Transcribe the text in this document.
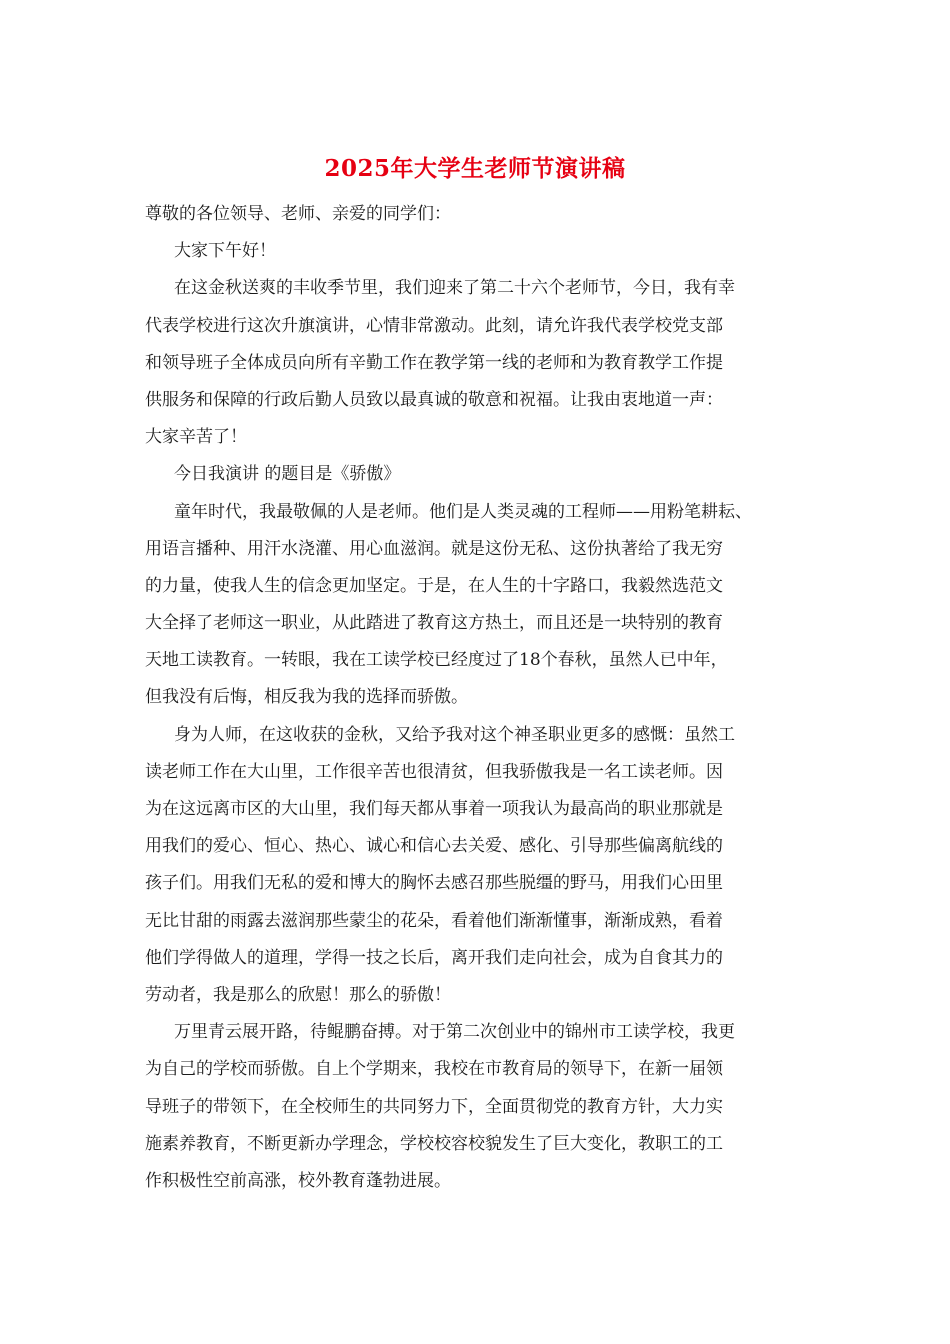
2025年大学生老师节演讲稿
尊敬的各位领导、老师、亲爱的同学们：
大家下午好！
在这金秋送爽的丰收季节里，我们迎来了第二十六个老师节，今日，我有幸
代表学校进行这次升旗演讲，心情非常激动。此刻，请允许我代表学校党支部
和领导班子全体成员向所有辛勤工作在教学第一线的老师和为教育教学工作提
供服务和保障的行政后勤人员致以最真诚的敬意和祝福。让我由衷地道一声：
大家辛苦了！
今日我演讲 的题目是《骄傲》
童年时代，我最敬佩的人是老师。他们是人类灵魂的工程师——用粉笔耕耘、
用语言播种、用汗水浇灌、用心血滋润。就是这份无私、这份执著给了我无穷
的力量，使我人生的信念更加坚定。于是，在人生的十字路口，我毅然选范文
大全择了老师这一职业，从此踏进了教育这方热土，而且还是一块特别的教育
天地工读教育。一转眼，我在工读学校已经度过了18个春秋，虽然人已中年，
但我没有后悔，相反我为我的选择而骄傲。
身为人师，在这收获的金秋，又给予我对这个神圣职业更多的感慨：虽然工
读老师工作在大山里，工作很辛苦也很清贫，但我骄傲我是一名工读老师。因
为在这远离市区的大山里，我们每天都从事着一项我认为最高尚的职业那就是
用我们的爱心、恒心、热心、诚心和信心去关爱、感化、引导那些偏离航线的
孩子们。用我们无私的爱和博大的胸怀去感召那些脱缰的野马，用我们心田里
无比甘甜的雨露去滋润那些蒙尘的花朵，看着他们渐渐懂事，渐渐成熟，看着
他们学得做人的道理，学得一技之长后，离开我们走向社会，成为自食其力的
劳动者，我是那么的欣慰！那么的骄傲！
万里青云展开路，待鲲鹏奋搏。对于第二次创业中的锦州市工读学校，我更
为自己的学校而骄傲。自上个学期来，我校在市教育局的领导下，在新一届领
导班子的带领下，在全校师生的共同努力下，全面贯彻党的教育方针，大力实
施素养教育，不断更新办学理念，学校校容校貌发生了巨大变化，教职工的工
作积极性空前高涨，校外教育蓬勃进展。
